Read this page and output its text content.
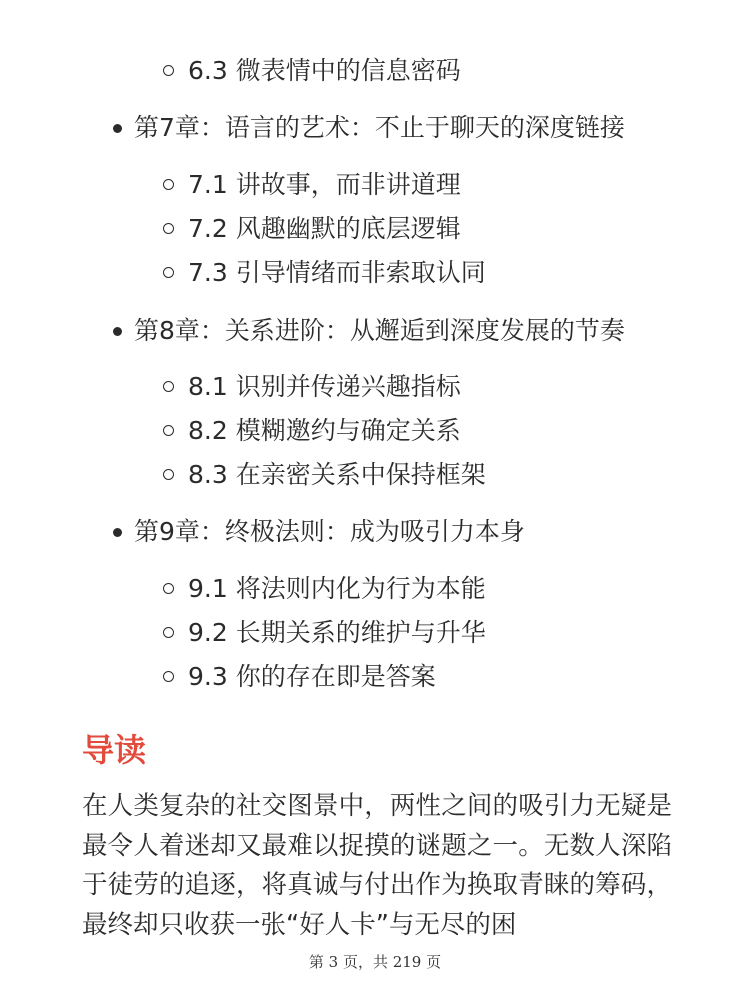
6.3 微表情中的信息密码
第7章：语言的艺术：不止于聊天的深度链接
7.1 讲故事，而非讲道理
7.2 风趣幽默的底层逻辑
7.3 引导情绪而非索取认同
第8章：关系进阶：从邂逅到深度发展的节奏
8.1 识别并传递兴趣指标
8.2 模糊邀约与确定关系
8.3 在亲密关系中保持框架
第9章：终极法则：成为吸引力本身
9.1 将法则内化为行为本能
9.2 长期关系的维护与升华
9.3 你的存在即是答案
导读
在人类复杂的社交图景中，两性之间的吸引力无疑是最令人着迷却又最难以捉摸的谜题之一。无数人深陷于徒劳的追逐，将真诚与付出作为换取青睐的筹码，最终却只收获一张“好人卡”与无尽的困
第 3 页，共 219 页
